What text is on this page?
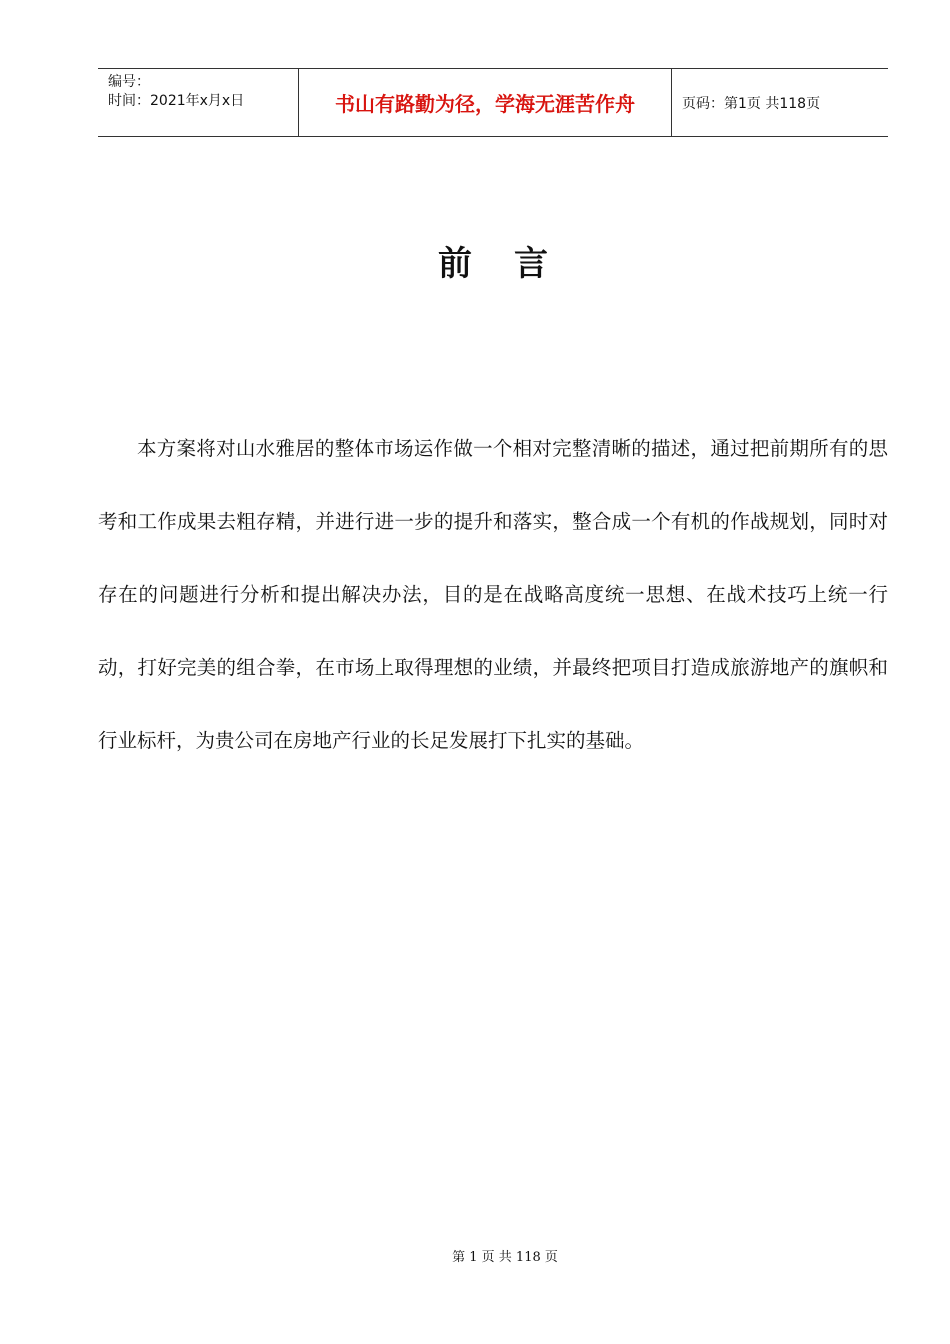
编号：
时间：2021年x月x日	书山有路勤为径，学海无涯苦作舟	页码：第1页 共118页
前 言

本方案将对山水雅居的整体市场运作做一个相对完整清晰的描述，通过把前期所有的思考和工作成果去粗存精，并进行进一步的提升和落实，整合成一个有机的作战规划，同时对存在的问题进行分析和提出解决办法，目的是在战略高度统一思想、在战术技巧上统一行动，打好完美的组合拳，在市场上取得理想的业绩，并最终把项目打造成旅游地产的旗帜和行业标杆，为贵公司在房地产行业的长足发展打下扎实的基础。

第 1 页 共 118 页
